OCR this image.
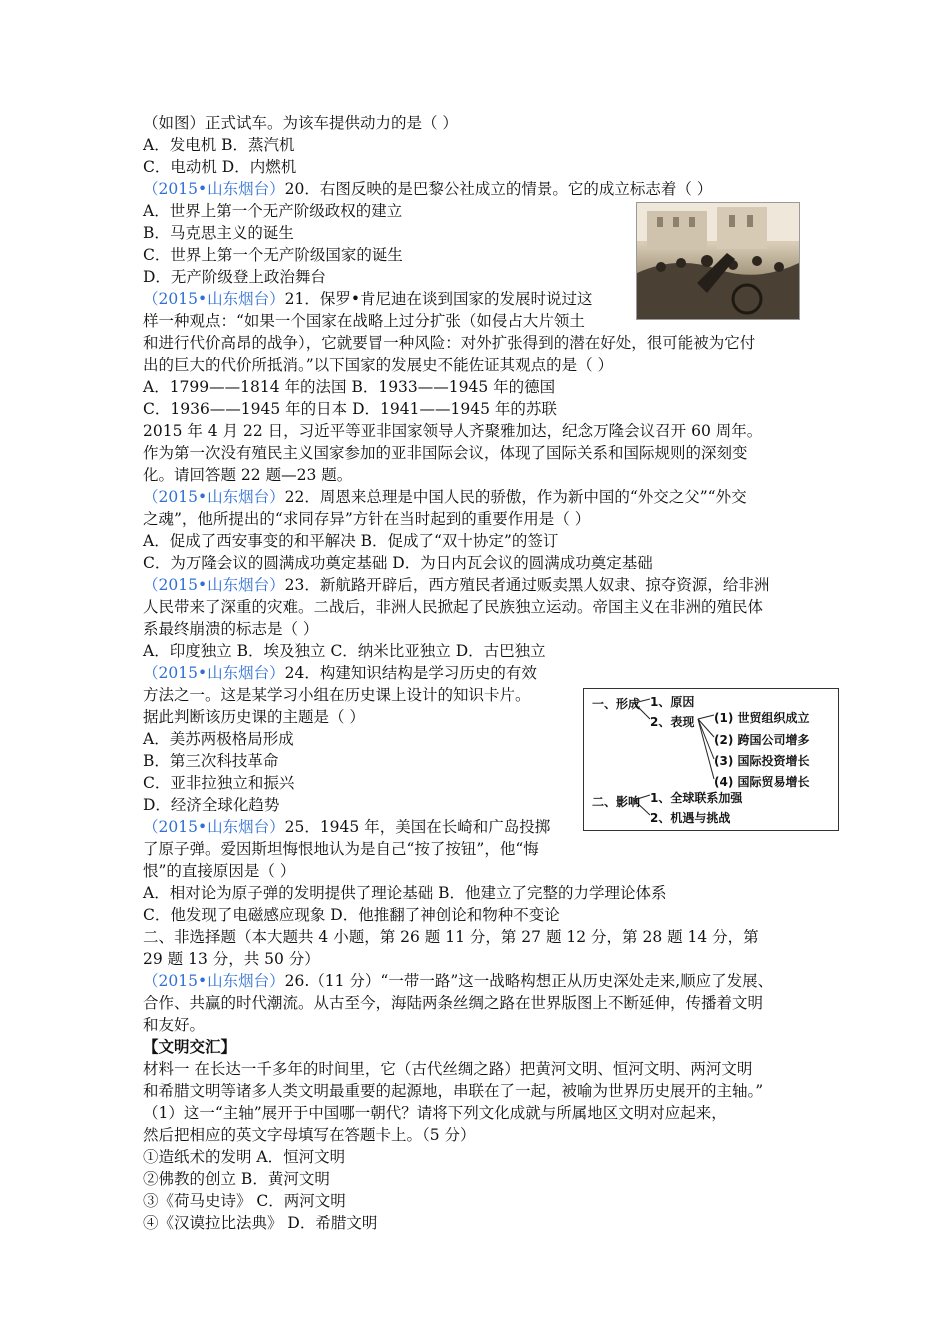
（如图）正式试车。为该车提供动力的是（ ）
A．发电机 B．蒸汽机
C．电动机 D．内燃机
（2015•山东烟台）20．右图反映的是巴黎公社成立的情景。它的成立标志着（ ）
A．世界上第一个无产阶级政权的建立
B．马克思主义的诞生
C．世界上第一个无产阶级国家的诞生
D．无产阶级登上政治舞台
（2015•山东烟台）21．保罗•肯尼迪在谈到国家的发展时说过这
样一种观点：“如果一个国家在战略上过分扩张（如侵占大片领土
和进行代价高昂的战争），它就要冒一种风险：对外扩张得到的潜在好处，很可能被为它付
出的巨大的代价所抵消。”以下国家的发展史不能佐证其观点的是（ ）
A．1799——1814 年的法国 B．1933——1945 年的德国
C．1936——1945 年的日本 D．1941——1945 年的苏联
2015 年 4 月 22 日，习近平等亚非国家领导人齐聚雅加达，纪念万隆会议召开 60 周年。
作为第一次没有殖民主义国家参加的亚非国际会议，体现了国际关系和国际规则的深刻变
化。请回答题 22 题—23 题。
（2015•山东烟台）22．周恩来总理是中国人民的骄傲，作为新中国的“外交之父”“外交
之魂”，他所提出的“求同存异”方针在当时起到的重要作用是（ ）
A．促成了西安事变的和平解决 B．促成了“双十协定”的签订
C．为万隆会议的圆满成功奠定基础 D．为日内瓦会议的圆满成功奠定基础
（2015•山东烟台）23．新航路开辟后，西方殖民者通过贩卖黑人奴隶、掠夺资源，给非洲
人民带来了深重的灾难。二战后，非洲人民掀起了民族独立运动。帝国主义在非洲的殖民体
系最终崩溃的标志是（ ）
A．印度独立 B．埃及独立 C．纳米比亚独立 D．古巴独立
（2015•山东烟台）24．构建知识结构是学习历史的有效
方法之一。这是某学习小组在历史课上设计的知识卡片。
据此判断该历史课的主题是（ ）
A．美苏两极格局形成
B．第三次科技革命
C．亚非拉独立和振兴
D．经济全球化趋势
（2015•山东烟台）25．1945 年，美国在长崎和广岛投掷
了原子弹。爱因斯坦悔恨地认为是自己“按了按钮”，他“悔
恨”的直接原因是（ ）
A．相对论为原子弹的发明提供了理论基础 B．他建立了完整的力学理论体系
C．他发现了电磁感应现象 D．他推翻了神创论和物种不变论
二、非选择题（本大题共 4 小题，第 26 题 11 分，第 27 题 12 分，第 28 题 14 分，第
29 题 13 分，共 50 分）
（2015•山东烟台）26.（11 分）“一带一路”这一战略构想正从历史深处走来,顺应了发展、
合作、共赢的时代潮流。从古至今，海陆两条丝绸之路在世界版图上不断延伸，传播着文明
和友好。
【文明交汇】
材料一 在长达一千多年的时间里，它（古代丝绸之路）把黄河文明、恒河文明、两河文明
和希腊文明等诸多人类文明最重要的起源地，串联在了一起，被喻为世界历史展开的主轴。”
（1）这一“主轴”展开于中国哪一朝代？请将下列文化成就与所属地区文明对应起来，
然后把相应的英文字母填写在答题卡上。（5 分）
①造纸术的发明 A．恒河文明
②佛教的创立 B．黄河文明
③《荷马史诗》 C．两河文明
④《汉谟拉比法典》 D．希腊文明
一、形成 1、原因
2、表现 (1) 世贸组织成立
(2) 跨国公司增多
(3) 国际投资增长
(4) 国际贸易增长
二、影响 1、全球联系加强
2、机遇与挑战
